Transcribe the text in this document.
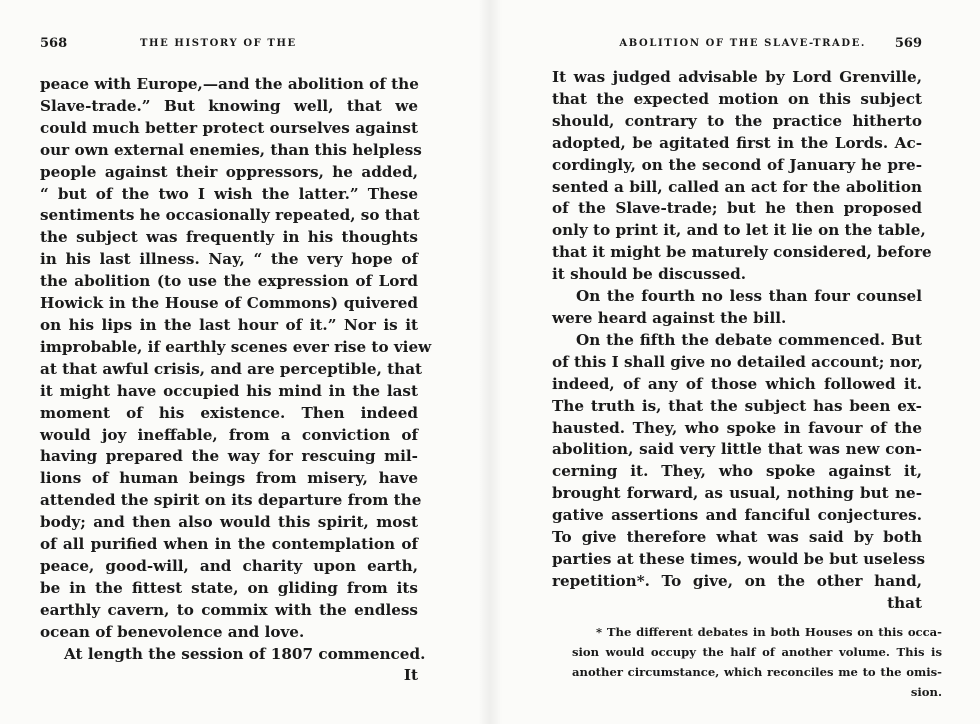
568	THE HISTORY OF THE
peace with Europe,—and the abolition of the
Slave-trade.” But knowing well, that we
could much better protect ourselves against
our own external enemies, than this helpless
people against their oppressors, he added,
“ but of the two I wish the latter.” These
sentiments he occasionally repeated, so that
the subject was frequently in his thoughts
in his last illness. Nay, “ the very hope of
the abolition (to use the expression of Lord
Howick in the House of Commons) quivered
on his lips in the last hour of it.” Nor is it
improbable, if earthly scenes ever rise to view
at that awful crisis, and are perceptible, that
it might have occupied his mind in the last
moment of his existence. Then indeed
would joy ineffable, from a conviction of
having prepared the way for rescuing mil-
lions of human beings from misery, have
attended the spirit on its departure from the
body; and then also would this spirit, most
of all purified when in the contemplation of
peace, good-will, and charity upon earth,
be in the fittest state, on gliding from its
earthly cavern, to commix with the endless
ocean of benevolence and love.
At length the session of 1807 commenced.
It
ABOLITION OF THE SLAVE-TRADE. 569
It was judged advisable by Lord Grenville,
that the expected motion on this subject
should, contrary to the practice hitherto
adopted, be agitated first in the Lords. Ac-
cordingly, on the second of January he pre-
sented a bill, called an act for the abolition
of the Slave-trade; but he then proposed
only to print it, and to let it lie on the table,
that it might be maturely considered, before
it should be discussed.
On the fourth no less than four counsel
were heard against the bill.
On the fifth the debate commenced. But
of this I shall give no detailed account; nor,
indeed, of any of those which followed it.
The truth is, that the subject has been ex-
hausted. They, who spoke in favour of the
abolition, said very little that was new con-
cerning it. They, who spoke against it,
brought forward, as usual, nothing but ne-
gative assertions and fanciful conjectures.
To give therefore what was said by both
parties at these times, would be but useless
repetition*. To give, on the other hand,
that
* The different debates in both Houses on this occa-
sion would occupy the half of another volume. This is
another circumstance, which reconciles me to the omis-
sion.
